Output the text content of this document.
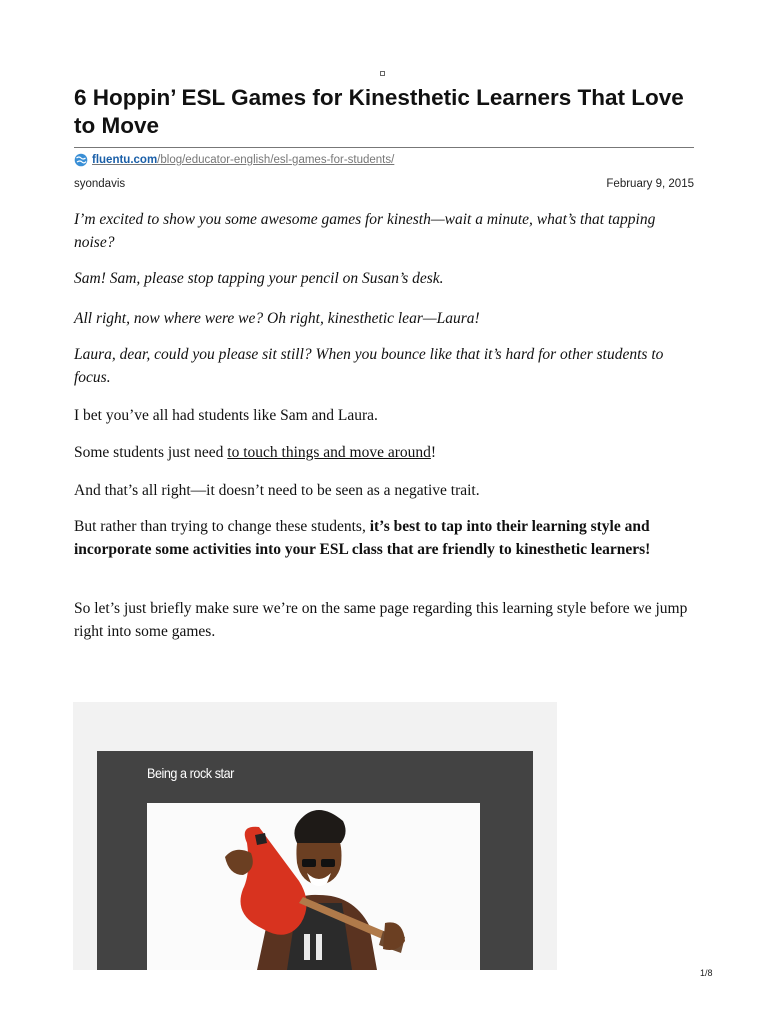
6 Hoppin’ ESL Games for Kinesthetic Learners That Love to Move
fluentu.com/blog/educator-english/esl-games-for-students/
syondavis	February 9, 2015

I’m excited to show you some awesome games for kinesth—wait a minute, what’s that tapping noise?

Sam! Sam, please stop tapping your pencil on Susan’s desk.

All right, now where were we? Oh right, kinesthetic lear—Laura!

Laura, dear, could you please sit still? When you bounce like that it’s hard for other students to focus.

I bet you’ve all had students like Sam and Laura.

Some students just need to touch things and move around!

And that’s all right—it doesn’t need to be seen as a negative trait.

But rather than trying to change these students, it’s best to tap into their learning style and incorporate some activities into your ESL class that are friendly to kinesthetic learners!

So let’s just briefly make sure we’re on the same page regarding this learning style before we jump right into some games.

Being a rock star
1/8
